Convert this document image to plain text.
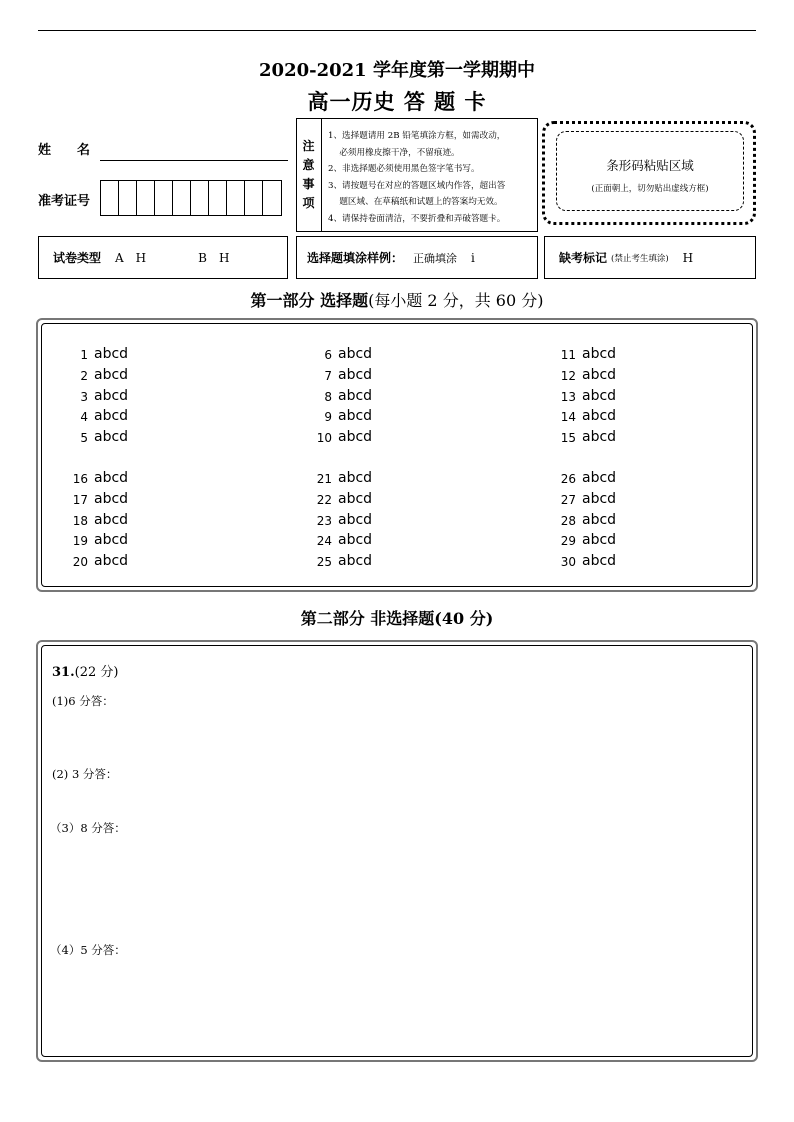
2020-2021 学年度第一学期期中
高一历史 答 题 卡
姓　　名
准考证号
注
意
事
项
1、选择题请用 2B 铅笔填涂方框，如需改动，
　 必须用橡皮擦干净，不留痕迹。
2、非选择题必须使用黑色签字笔书写。
3、请按题号在对应的答题区域内作答，超出答
　 题区域、在草稿纸和试题上的答案均无效。
4、请保持卷面清洁，不要折叠和弄破答题卡。
条形码粘贴区域
(正面朝上，切勿贴出虚线方框)
试卷类型 A　H	B　H	选择题填涂样例： 正确填涂 i	缺考标记 (禁止考生填涂) H
第一部分 选择题(每小题 2 分，共 60 分)
1 abcd
2 abcd
3 abcd
4 abcd
5 abcd
6 abcd
7 abcd
8 abcd
9 abcd
10 abcd
11 abcd
12 abcd
13 abcd
14 abcd
15 abcd
16 abcd
17 abcd
18 abcd
19 abcd
20 abcd
21 abcd
22 abcd
23 abcd
24 abcd
25 abcd
26 abcd
27 abcd
28 abcd
29 abcd
30 abcd
第二部分 非选择题(40 分)
31.(22 分)
(1)6 分答：
(2) 3 分答：
（3）8 分答：
（4）5 分答：
